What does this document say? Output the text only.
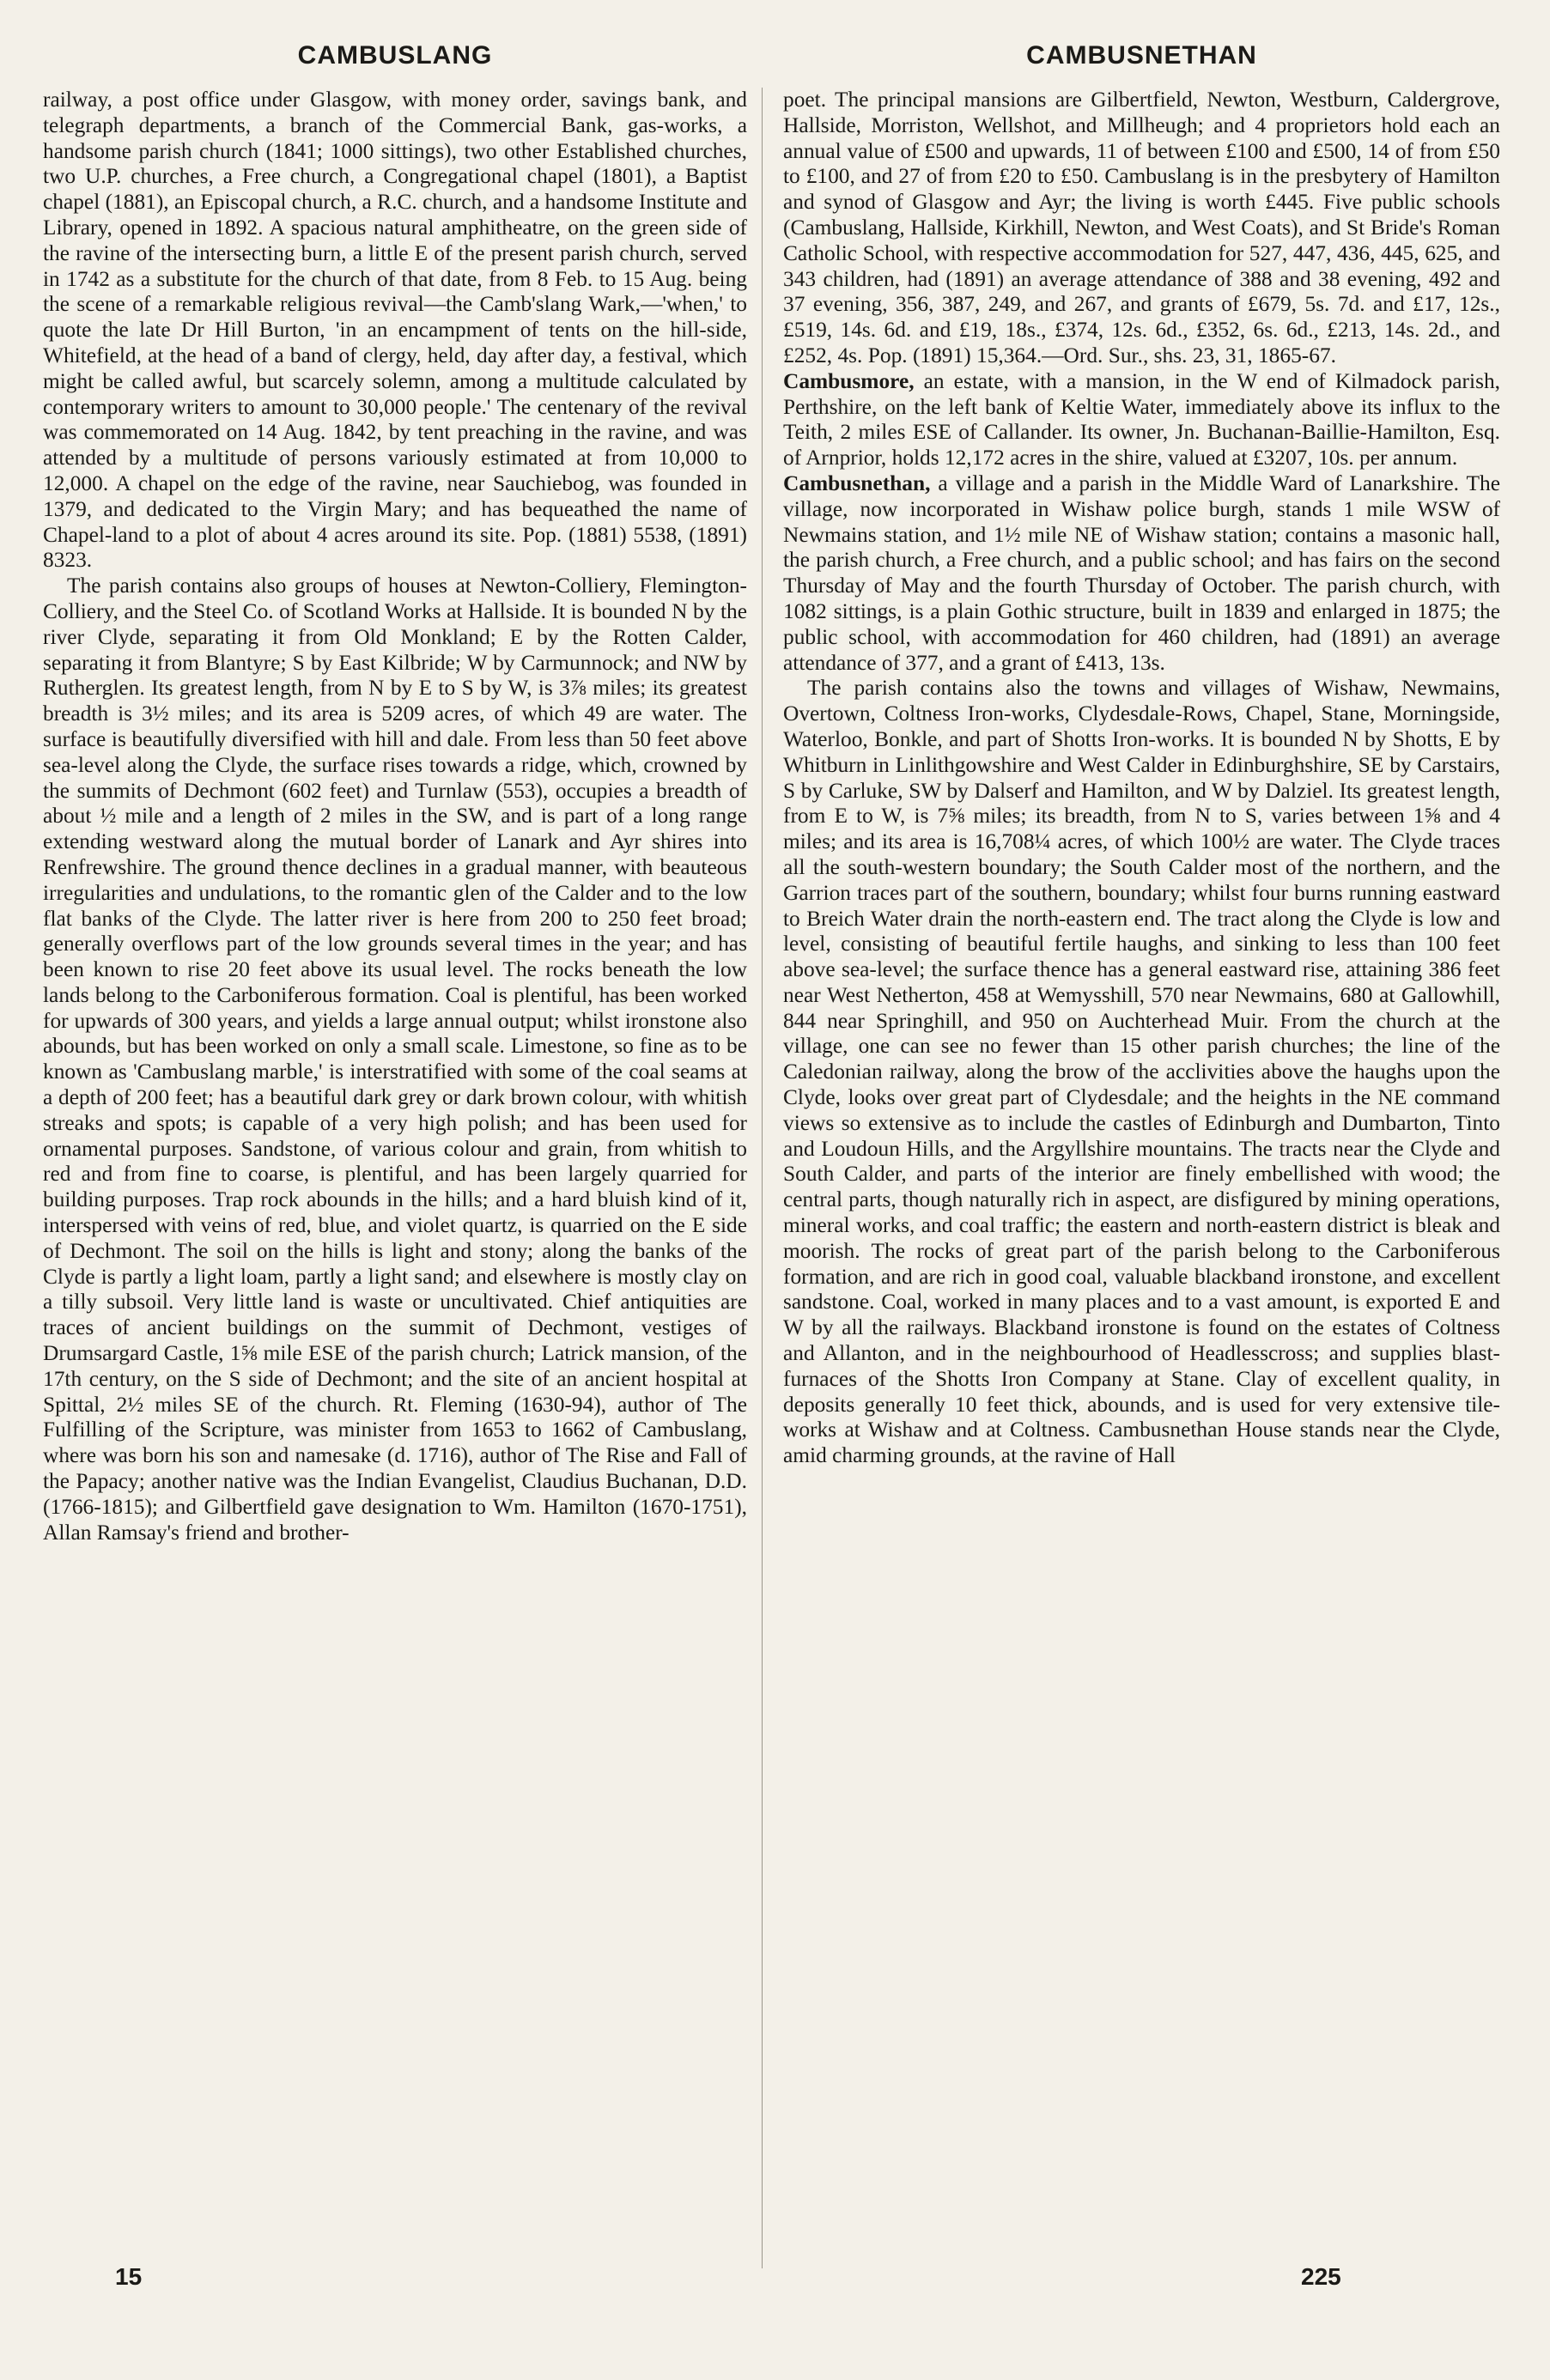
CAMBUSLANG	CAMBUSNETHAN

railway, a post office under Glasgow, with money order, savings bank, and telegraph departments, a branch of the Commercial Bank, gas-works, a handsome parish church (1841; 1000 sittings), two other Established churches, two U.P. churches, a Free church, a Congregational chapel (1801), a Baptist chapel (1881), an Episcopal church, a R.C. church, and a handsome Institute and Library, opened in 1892. A spacious natural amphitheatre, on the green side of the ravine of the intersecting burn, a little E of the present parish church, served in 1742 as a substitute for the church of that date, from 8 Feb. to 15 Aug. being the scene of a remarkable religious revival—the Camb'slang Wark,—'when,' to quote the late Dr Hill Burton, 'in an encampment of tents on the hill-side, Whitefield, at the head of a band of clergy, held, day after day, a festival, which might be called awful, but scarcely solemn, among a multitude calculated by contemporary writers to amount to 30,000 people.' The centenary of the revival was commemorated on 14 Aug. 1842, by tent preaching in the ravine, and was attended by a multitude of persons variously estimated at from 10,000 to 12,000. A chapel on the edge of the ravine, near Sauchiebog, was founded in 1379, and dedicated to the Virgin Mary; and has bequeathed the name of Chapel-land to a plot of about 4 acres around its site. Pop. (1881) 5538, (1891) 8323.

The parish contains also groups of houses at Newton-Colliery, Flemington-Colliery, and the Steel Co. of Scotland Works at Hallside. It is bounded N by the river Clyde, separating it from Old Monkland; E by the Rotten Calder, separating it from Blantyre; S by East Kilbride; W by Carmunnock; and NW by Rutherglen. Its greatest length, from N by E to S by W, is 3⅞ miles; its greatest breadth is 3½ miles; and its area is 5209 acres, of which 49 are water. The surface is beautifully diversified with hill and dale. From less than 50 feet above sea-level along the Clyde, the surface rises towards a ridge, which, crowned by the summits of Dechmont (602 feet) and Turnlaw (553), occupies a breadth of about ½ mile and a length of 2 miles in the SW, and is part of a long range extending westward along the mutual border of Lanark and Ayr shires into Renfrewshire. The ground thence declines in a gradual manner, with beauteous irregularities and undulations, to the romantic glen of the Calder and to the low flat banks of the Clyde. The latter river is here from 200 to 250 feet broad; generally overflows part of the low grounds several times in the year; and has been known to rise 20 feet above its usual level. The rocks beneath the low lands belong to the Carboniferous formation. Coal is plentiful, has been worked for upwards of 300 years, and yields a large annual output; whilst ironstone also abounds, but has been worked on only a small scale. Limestone, so fine as to be known as 'Cambuslang marble,' is interstratified with some of the coal seams at a depth of 200 feet; has a beautiful dark grey or dark brown colour, with whitish streaks and spots; is capable of a very high polish; and has been used for ornamental purposes. Sandstone, of various colour and grain, from whitish to red and from fine to coarse, is plentiful, and has been largely quarried for building purposes. Trap rock abounds in the hills; and a hard bluish kind of it, interspersed with veins of red, blue, and violet quartz, is quarried on the E side of Dechmont. The soil on the hills is light and stony; along the banks of the Clyde is partly a light loam, partly a light sand; and elsewhere is mostly clay on a tilly subsoil. Very little land is waste or uncultivated. Chief antiquities are traces of ancient buildings on the summit of Dechmont, vestiges of Drumsargard Castle, 1⅝ mile ESE of the parish church; Latrick mansion, of the 17th century, on the S side of Dechmont; and the site of an ancient hospital at Spittal, 2½ miles SE of the church. Rt. Fleming (1630-94), author of The Fulfilling of the Scripture, was minister from 1653 to 1662 of Cambuslang, where was born his son and namesake (d. 1716), author of The Rise and Fall of the Papacy; another native was the Indian Evangelist, Claudius Buchanan, D.D. (1766-1815); and Gilbertfield gave designation to Wm. Hamilton (1670-1751), Allan Ramsay's friend and brother-

poet. The principal mansions are Gilbertfield, Newton, Westburn, Caldergrove, Hallside, Morriston, Wellshot, and Millheugh; and 4 proprietors hold each an annual value of £500 and upwards, 11 of between £100 and £500, 14 of from £50 to £100, and 27 of from £20 to £50. Cambuslang is in the presbytery of Hamilton and synod of Glasgow and Ayr; the living is worth £445. Five public schools (Cambuslang, Hallside, Kirkhill, Newton, and West Coats), and St Bride's Roman Catholic School, with respective accommodation for 527, 447, 436, 445, 625, and 343 children, had (1891) an average attendance of 388 and 38 evening, 492 and 37 evening, 356, 387, 249, and 267, and grants of £679, 5s. 7d. and £17, 12s., £519, 14s. 6d. and £19, 18s., £374, 12s. 6d., £352, 6s. 6d., £213, 14s. 2d., and £252, 4s. Pop. (1891) 15,364.—Ord. Sur., shs. 23, 31, 1865-67.

Cambusmore, an estate, with a mansion, in the W end of Kilmadock parish, Perthshire, on the left bank of Keltie Water, immediately above its influx to the Teith, 2 miles ESE of Callander. Its owner, Jn. Buchanan-Baillie-Hamilton, Esq. of Arnprior, holds 12,172 acres in the shire, valued at £3207, 10s. per annum.

Cambusnethan, a village and a parish in the Middle Ward of Lanarkshire. The village, now incorporated in Wishaw police burgh, stands 1 mile WSW of Newmains station, and 1½ mile NE of Wishaw station; contains a masonic hall, the parish church, a Free church, and a public school; and has fairs on the second Thursday of May and the fourth Thursday of October. The parish church, with 1082 sittings, is a plain Gothic structure, built in 1839 and enlarged in 1875; the public school, with accommodation for 460 children, had (1891) an average attendance of 377, and a grant of £413, 13s.

The parish contains also the towns and villages of Wishaw, Newmains, Overtown, Coltness Iron-works, Clydesdale-Rows, Chapel, Stane, Morningside, Waterloo, Bonkle, and part of Shotts Iron-works. It is bounded N by Shotts, E by Whitburn in Linlithgowshire and West Calder in Edinburghshire, SE by Carstairs, S by Carluke, SW by Dalserf and Hamilton, and W by Dalziel. Its greatest length, from E to W, is 7⅝ miles; its breadth, from N to S, varies between 1⅝ and 4 miles; and its area is 16,708¼ acres, of which 100½ are water. The Clyde traces all the south-western boundary; the South Calder most of the northern, and the Garrion traces part of the southern, boundary; whilst four burns running eastward to Breich Water drain the north-eastern end. The tract along the Clyde is low and level, consisting of beautiful fertile haughs, and sinking to less than 100 feet above sea-level; the surface thence has a general eastward rise, attaining 386 feet near West Netherton, 458 at Wemysshill, 570 near Newmains, 680 at Gallowhill, 844 near Springhill, and 950 on Auchterhead Muir. From the church at the village, one can see no fewer than 15 other parish churches; the line of the Caledonian railway, along the brow of the acclivities above the haughs upon the Clyde, looks over great part of Clydesdale; and the heights in the NE command views so extensive as to include the castles of Edinburgh and Dumbarton, Tinto and Loudoun Hills, and the Argyllshire mountains. The tracts near the Clyde and South Calder, and parts of the interior are finely embellished with wood; the central parts, though naturally rich in aspect, are disfigured by mining operations, mineral works, and coal traffic; the eastern and north-eastern district is bleak and moorish. The rocks of great part of the parish belong to the Carboniferous formation, and are rich in good coal, valuable blackband ironstone, and excellent sandstone. Coal, worked in many places and to a vast amount, is exported E and W by all the railways. Blackband ironstone is found on the estates of Coltness and Allanton, and in the neighbourhood of Headlesscross; and supplies blast-furnaces of the Shotts Iron Company at Stane. Clay of excellent quality, in deposits generally 10 feet thick, abounds, and is used for very extensive tile-works at Wishaw and at Coltness. Cambusnethan House stands near the Clyde, amid charming grounds, at the ravine of Hall

15	225
